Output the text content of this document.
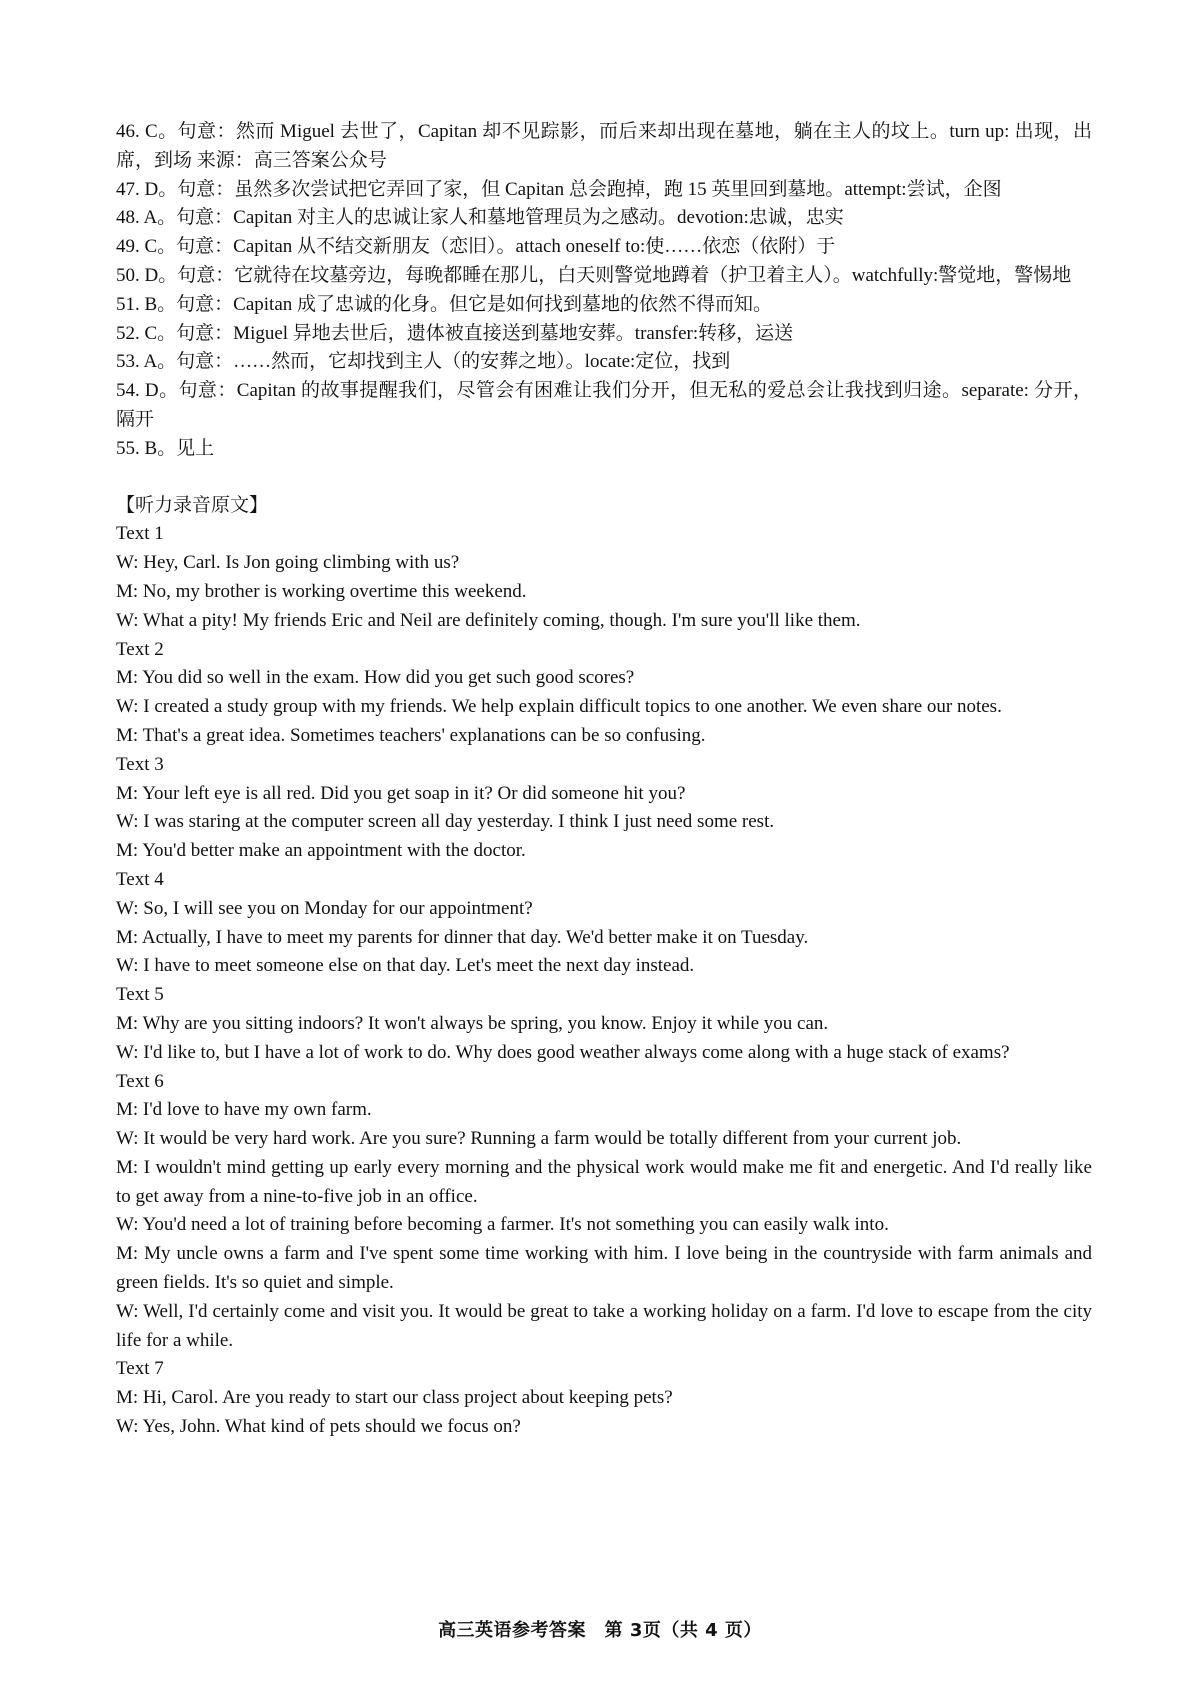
46. C。句意：然而 Miguel 去世了，Capitan 却不见踪影，而后来却出现在墓地，躺在主人的坟上。turn up: 出现，出席，到场 来源：高三答案公众号
47. D。句意：虽然多次尝试把它弄回了家，但 Capitan 总会跑掉，跑 15 英里回到墓地。attempt:尝试，企图
48. A。句意：Capitan 对主人的忠诚让家人和墓地管理员为之感动。devotion:忠诚，忠实
49. C。句意：Capitan 从不结交新朋友（恋旧）。attach oneself to:使……依恋（依附）于
50. D。句意：它就待在坟墓旁边，每晚都睡在那儿，白天则警觉地蹲着（护卫着主人）。watchfully:警觉地，警惕地
51. B。句意：Capitan 成了忠诚的化身。但它是如何找到墓地的依然不得而知。
52. C。句意：Miguel 异地去世后，遗体被直接送到墓地安葬。transfer:转移，运送
53. A。句意：……然而，它却找到主人（的安葬之地）。locate:定位，找到
54. D。句意：Capitan 的故事提醒我们，尽管会有困难让我们分开，但无私的爱总会让我找到归途。separate: 分开，隔开
55. B。见上
【听力录音原文】
Text 1
W: Hey, Carl. Is Jon going climbing with us?
M: No, my brother is working overtime this weekend.
W: What a pity! My friends Eric and Neil are definitely coming, though. I'm sure you'll like them.
Text 2
M: You did so well in the exam. How did you get such good scores?
W: I created a study group with my friends. We help explain difficult topics to one another. We even share our notes.
M: That's a great idea. Sometimes teachers' explanations can be so confusing.
Text 3
M: Your left eye is all red. Did you get soap in it? Or did someone hit you?
W: I was staring at the computer screen all day yesterday. I think I just need some rest.
M: You'd better make an appointment with the doctor.
Text 4
W: So, I will see you on Monday for our appointment?
M: Actually, I have to meet my parents for dinner that day. We'd better make it on Tuesday.
W: I have to meet someone else on that day. Let's meet the next day instead.
Text 5
M: Why are you sitting indoors? It won't always be spring, you know. Enjoy it while you can.
W: I'd like to, but I have a lot of work to do. Why does good weather always come along with a huge stack of exams?
Text 6
M: I'd love to have my own farm.
W: It would be very hard work. Are you sure? Running a farm would be totally different from your current job.
M: I wouldn't mind getting up early every morning and the physical work would make me fit and energetic. And I'd really like to get away from a nine-to-five job in an office.
W: You'd need a lot of training before becoming a farmer. It's not something you can easily walk into.
M: My uncle owns a farm and I've spent some time working with him. I love being in the countryside with farm animals and green fields. It's so quiet and simple.
W: Well, I'd certainly come and visit you. It would be great to take a working holiday on a farm. I'd love to escape from the city life for a while.
Text 7
M: Hi, Carol. Are you ready to start our class project about keeping pets?
W: Yes, John. What kind of pets should we focus on?
高三英语参考答案　第 3页（共 4 页）
